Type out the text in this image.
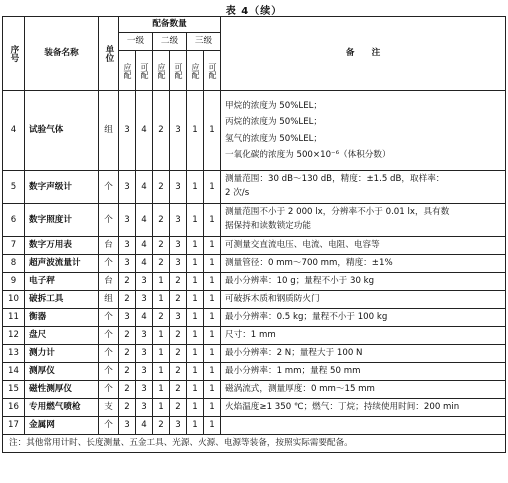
表 4（续）
序号	装备名称	单位	配备数量						备　　注
			一级		二级		三级		
			应配	可配	应配	可配	应配	可配	
4	试验气体	组	3	4	2	3	1	1	甲烷的浓度为 50%LEL；
丙烷的浓度为 50%LEL；
氢气的浓度为 50%LEL；
一氧化碳的浓度为 500×10⁻⁶（体积分数）

5	数字声级计	个	3	4	2	3	1	1	测量范围：30 dB～130 dB，精度：±1.5 dB，取样率：
2 次/s

6	数字照度计	个	3	4	2	3	1	1	测量范围不小于 2 000 lx，分辨率不小于 0.01 lx，具有数
据保持和读数锁定功能

7	数字万用表	台	3	4	2	3	1	1	可测量交直流电压、电流、电阻、电容等

8	超声波流量计	个	3	4	2	3	1	1	测量管径：0 mm～700 mm，精度：±1%

9	电子秤	台	2	3	1	2	1	1	最小分辨率：10 g；量程不小于 30 kg

10	破拆工具	组	2	3	1	2	1	1	可破拆木质和钢质防火门

11	衡器	个	3	4	2	3	1	1	最小分辨率：0.5 kg；量程不小于 100 kg

12	盘尺	个	2	3	1	2	1	1	尺寸：1 mm

13	测力计	个	2	3	1	2	1	1	最小分辨率：2 N；量程大于 100 N

14	测厚仪	个	2	3	1	2	1	1	最小分辨率：1 mm；量程 50 mm

15	磁性测厚仪	个	2	3	1	2	1	1	磁涡流式，测量厚度：0 mm～15 mm

16	专用燃气喷枪	支	2	3	1	2	1	1	火焰温度≥1 350 ℃；燃气：丁烷；持续使用时间：200 min

17	金属网	个	3	4	2	3	1	1	

注：其他常用计时、长度测量、五金工具、光源、火源、电源等装备，按照实际需要配备。									
